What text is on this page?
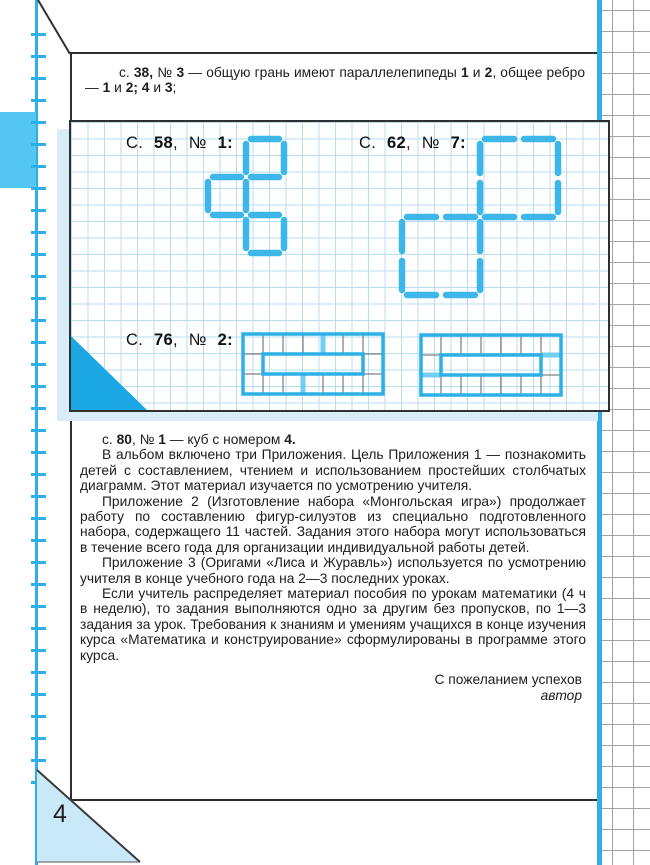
с. 38, № 3 — общую грань имеют параллелепипеды 1 и 2, общее ребро — 1 и 2; 4 и 3;
С. 58, № 1:	С. 62, № 7:
С. 76, № 2:
с. 80, № 1 — куб с номером 4.
В альбом включено три Приложения. Цель Приложения 1 — познакомить детей с составлением, чтением и использованием простейших столбчатых диаграмм. Этот материал изучается по усмотрению учителя.
Приложение 2 (Изготовление набора «Монгольская игра») продолжает работу по составлению фигур-силуэтов из специально подготовленного набора, содержащего 11 частей. Задания этого набора могут использоваться в течение всего года для организации индивидуальной работы детей.
Приложение 3 (Оригами «Лиса и Журавль») используется по усмотрению учителя в конце учебного года на 2—3 последних уроках.
Если учитель распределяет материал пособия по урокам математики (4 ч в неделю), то задания выполняются одно за другим без пропусков, по 1—3 задания за урок. Требования к знаниям и умениям учащихся в конце изучения курса «Математика и конструирование» сформулированы в программе этого курса.
С пожеланием успехов
автор
4
